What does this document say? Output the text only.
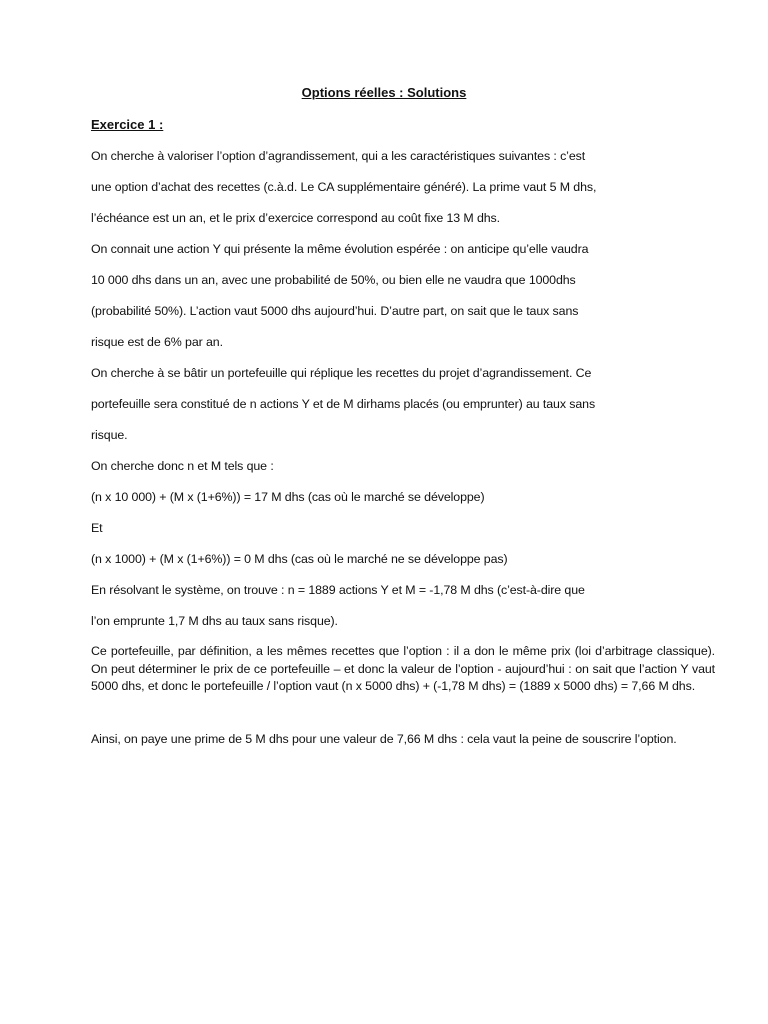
Options réelles : Solutions
Exercice 1 :
On cherche à valoriser l’option d’agrandissement, qui a les caractéristiques suivantes : c’est
une option d’achat des recettes (c.à.d. Le CA supplémentaire généré). La prime vaut 5 M dhs,
l’échéance est un an, et le prix d’exercice correspond au coût fixe 13 M dhs.
On connait une action Y qui présente la même évolution espérée : on anticipe qu’elle vaudra
10 000 dhs dans un an, avec une probabilité de 50%, ou bien elle ne vaudra que 1000dhs
(probabilité 50%). L’action vaut 5000 dhs aujourd’hui. D’autre part, on sait que le taux sans
risque est de 6% par an.
On cherche à se bâtir un portefeuille qui réplique les recettes du projet d’agrandissement. Ce
portefeuille sera constitué de n actions Y et de M dirhams placés (ou emprunter) au taux sans
risque.
On cherche donc n et M tels que :
(n x 10 000) + (M x (1+6%)) = 17 M dhs (cas où le marché se développe)
Et
(n x 1000) + (M x (1+6%)) = 0 M dhs (cas où le marché ne se développe pas)
En résolvant le système, on trouve : n = 1889 actions Y et M = -1,78 M dhs (c’est-à-dire que
l’on emprunte 1,7 M dhs au taux sans risque).
Ce portefeuille, par définition, a les mêmes recettes que l’option : il a don le même prix (loi d’arbitrage classique). On peut déterminer le prix de ce portefeuille – et donc la valeur de l’option - aujourd’hui : on sait que l’action Y vaut 5000 dhs, et donc le portefeuille / l’option vaut (n x 5000 dhs) + (-1,78 M dhs) = (1889 x 5000 dhs) = 7,66 M dhs.
Ainsi, on paye une prime de 5 M dhs pour une valeur de 7,66 M dhs : cela vaut la peine de souscrire l’option.
